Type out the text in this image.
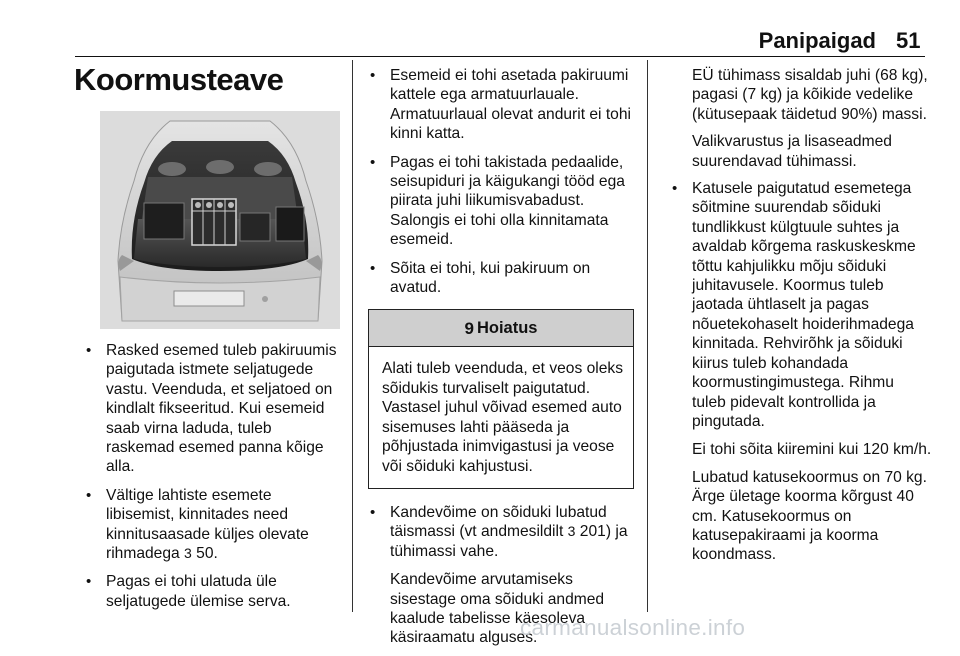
Panipaigad 51
Koormusteave
• Rasked esemed tuleb pakiruumis paigutada istmete seljatugede vastu. Veenduda, et seljatoed on kindlalt fikseeritud. Kui esemeid saab virna laduda, tuleb raskemad esemed panna kõige alla.
• Vältige lahtiste esemete libisemist, kinnitades need kinnitusaasade küljes olevate rihmadega 3 50.
• Pagas ei tohi ulatuda üle seljatugede ülemise serva.
• Esemeid ei tohi asetada pakiruumi kattele ega armatuurlauale. Armatuurlaual olevat andurit ei tohi kinni katta.
• Pagas ei tohi takistada pedaalide, seisupiduri ja käigukangi tööd ega piirata juhi liikumisvabadust. Salongis ei tohi olla kinnitamata esemeid.
• Sõita ei tohi, kui pakiruum on avatud.
9 Hoiatus
Alati tuleb veenduda, et veos oleks sõidukis turvaliselt paigutatud. Vastasel juhul võivad esemed auto sisemuses lahti pääseda ja põhjustada inimvigastusi ja veose või sõiduki kahjustusi.
• Kandevõime on sõiduki lubatud täismassi (vt andmesildilt 3 201) ja tühimassi vahe.
Kandevõime arvutamiseks sisestage oma sõiduki andmed kaalude tabelisse käesoleva käsiraamatu alguses.
EÜ tühimass sisaldab juhi (68 kg), pagasi (7 kg) ja kõikide vedelike (kütusepaak täidetud 90%) massi.
Valikvarustus ja lisaseadmed suurendavad tühimassi.
• Katusele paigutatud esemetega sõitmine suurendab sõiduki tundlikkust külgtuule suhtes ja avaldab kõrgema raskuskeskme tõttu kahjulikku mõju sõiduki juhitavusele. Koormus tuleb jaotada ühtlaselt ja pagas nõuetekohaselt hoiderihmadega kinnitada. Rehvirõhk ja sõiduki kiirus tuleb kohandada koormustingimustega. Rihmu tuleb pidevalt kontrollida ja pingutada.
Ei tohi sõita kiiremini kui 120 km/h.
Lubatud katusekoormus on 70 kg. Ärge ületage koorma kõrgust 40 cm. Katusekoormus on katusepakiraami ja koorma koondmass.
carmanualsonline.info
